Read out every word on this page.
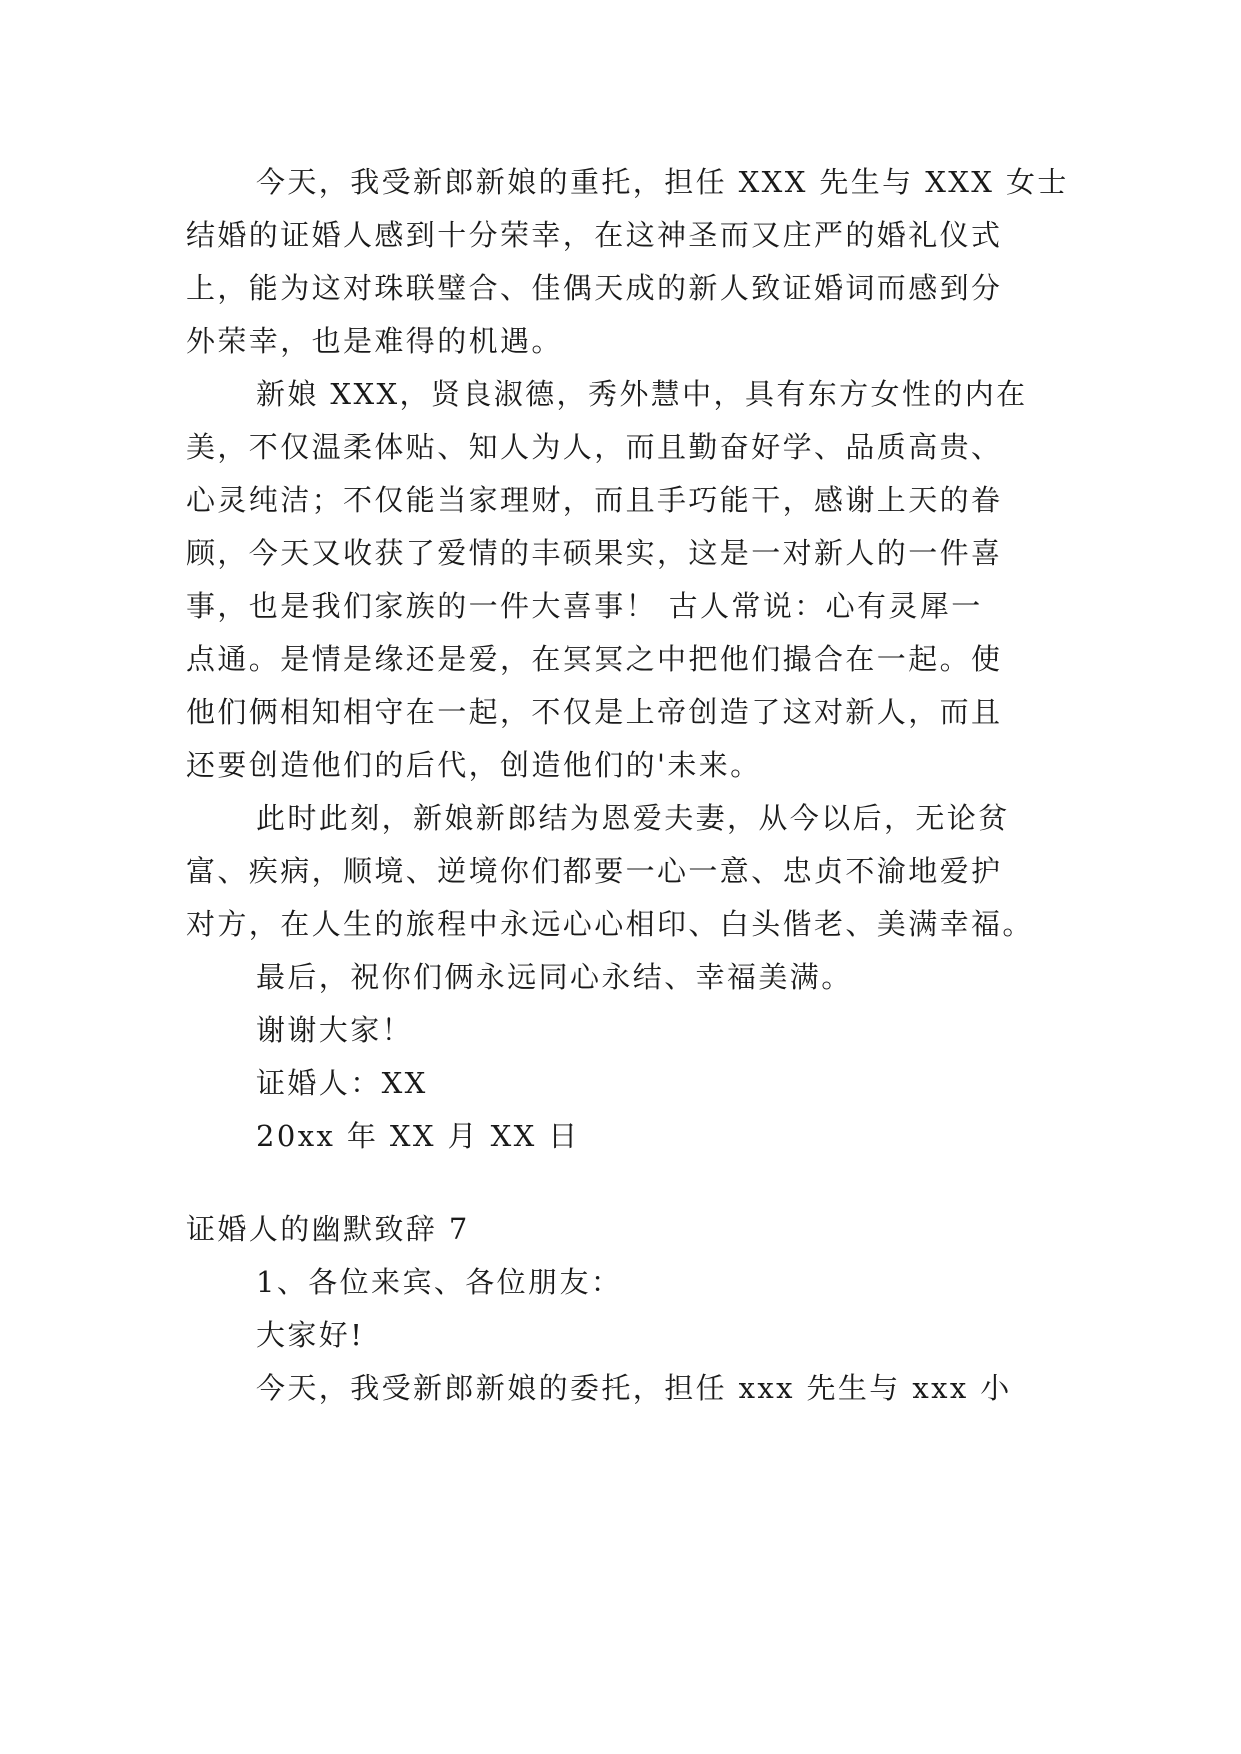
今天，我受新郎新娘的重托，担任 XXX 先生与 XXX 女士

结婚的证婚人感到十分荣幸，在这神圣而又庄严的婚礼仪式

上，能为这对珠联璧合、佳偶天成的新人致证婚词而感到分

外荣幸，也是难得的机遇。

新娘 XXX，贤良淑德，秀外慧中，具有东方女性的内在

美，不仅温柔体贴、知人为人，而且勤奋好学、品质高贵、

心灵纯洁；不仅能当家理财，而且手巧能干，感谢上天的眷

顾，今天又收获了爱情的丰硕果实，这是一对新人的一件喜

事，也是我们家族的一件大喜事！ 古人常说：心有灵犀一

点通。是情是缘还是爱，在冥冥之中把他们撮合在一起。使

他们俩相知相守在一起，不仅是上帝创造了这对新人，而且

还要创造他们的后代，创造他们的'未来。

此时此刻，新娘新郎结为恩爱夫妻，从今以后，无论贫

富、疾病，顺境、逆境你们都要一心一意、忠贞不渝地爱护

对方，在人生的旅程中永远心心相印、白头偕老、美满幸福。

最后，祝你们俩永远同心永结、幸福美满。

谢谢大家！

证婚人：XX

20xx 年 XX 月 XX 日

证婚人的幽默致辞 7

1、各位来宾、各位朋友：

大家好!

今天，我受新郎新娘的委托，担任 xxx 先生与 xxx 小
